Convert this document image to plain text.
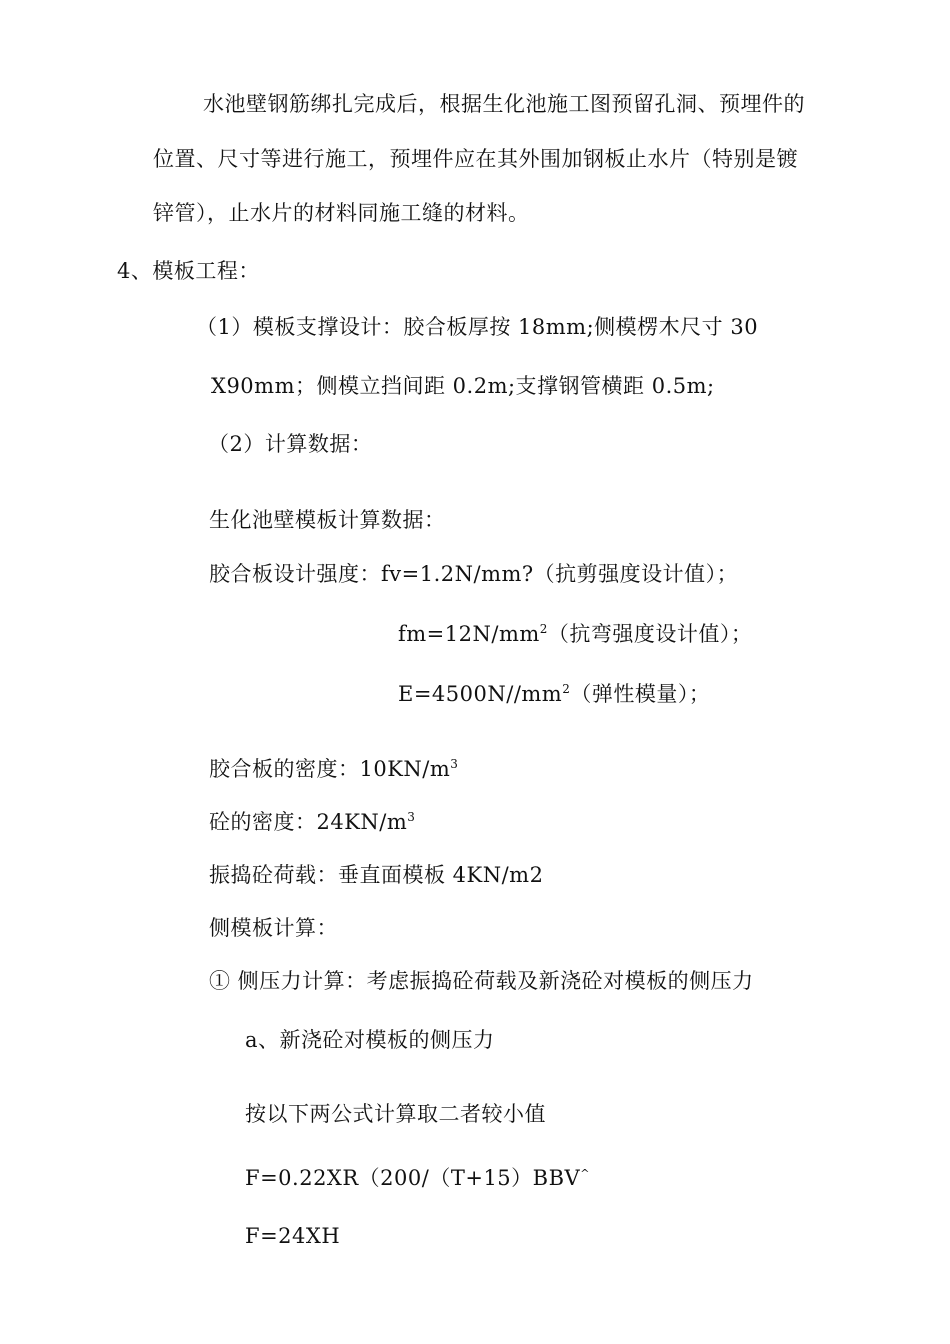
水池壁钢筋绑扎完成后，根据生化池施工图预留孔洞、预埋件的
位置、尺寸等进行施工，预埋件应在其外围加钢板止水片（特别是镀
锌管），止水片的材料同施工缝的材料。
4、模板工程：
（1）模板支撑设计：胶合板厚按 18mm;侧模楞木尺寸 30
X90mm；侧模立挡间距 0.2m;支撑钢管横距 0.5m;
（2）计算数据：
生化池壁模板计算数据：
胶合板设计强度：fv=1.2N/mm?（抗剪强度设计值）；
$fm=12N/mm^2$（抗弯强度设计值）；
$E=4500N//mm^2$（弹性模量）；
胶合板的密度：$10KN/m^3$
砼的密度：$24KN/m^3$
振捣砼荷载：垂直面模板 4KN/m2
侧模板计算：
① 侧压力计算：考虑振捣砼荷载及新浇砼对模板的侧压力
a、新浇砼对模板的侧压力
按以下两公式计算取二者较小值
F=0.22XR（200/（T+15）BBV^
F=24XH
